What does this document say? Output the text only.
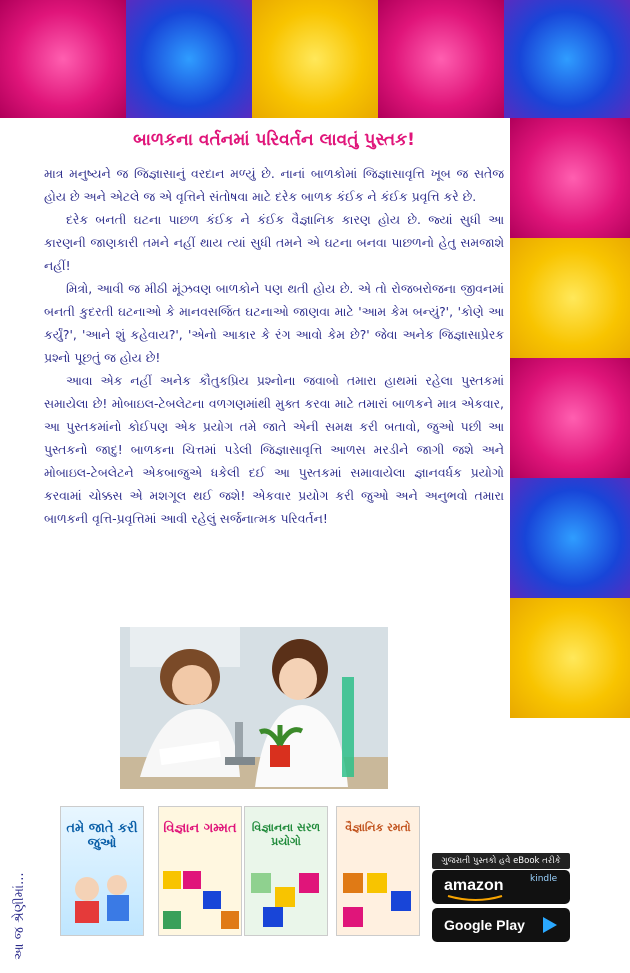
બાળકના વર્તનમાં પરિવર્તન લાવતું પુસ્તક!

માત્ર મનુષ્યને જ જિજ્ઞાસાનું વરદાન મળ્યું છે. નાનાં બાળકોમાં જિજ્ઞાસાવૃત્તિ ખૂબ જ સતેજ હોય છે અને એટલે જ એ વૃત્તિને સંતોષવા માટે દરેક બાળક કંઈક ને કંઈક પ્રવૃત્તિ કરે છે.

દરેક બનતી ઘટના પાછળ કંઈક ને કંઈક વૈજ્ઞાનિક કારણ હોય છે. જ્યાં સુધી આ કારણની જાણકારી તમને નહીં થાય ત્યાં સુધી તમને એ ઘટના બનવા પાછળનો હેતુ સમજાશે નહીં!

મિત્રો, આવી જ મીઠી મૂંઝવણ બાળકોને પણ થતી હોય છે. એ તો રોજબરોજના જીવનમાં બનતી કુદરતી ઘટનાઓ કે માનવસર્જિત ઘટનાઓ જાણવા માટે 'આમ કેમ બન્યું?', 'કોણે આ કર્યું?', 'આને શું કહેવાય?', 'એનો આકાર કે રંગ આવો કેમ છે?' જેવા અનેક જિજ્ઞાસાપ્રેરક પ્રશ્નો પૂછતું જ હોય છે!

આવા એક નહીં અનેક કૌતુકપ્રિય પ્રશ્નોના જવાબો તમારા હાથમાં રહેલા પુસ્તકમાં સમાયેલા છે! મોબાઇલ-ટેબલેટના વળગણમાંથી મુક્ત કરવા માટે તમારાં બાળકને માત્ર એકવાર, આ પુસ્તકમાંનો કોઈપણ એક પ્રયોગ તમે જાતે એની સમક્ષ કરી બતાવો, જુઓ પછી આ પુસ્તકનો જાદુ! બાળકના ચિત્તમાં પડેલી જિજ્ઞાસાવૃત્તિ આળસ મરડીને જાગી જશે અને મોબાઇલ-ટેબલેટને એકબાજુએ ધકેલી દઈ આ પુસ્તકમાં સમાવાયેલા જ્ઞાનવર્ધક પ્રયોગો કરવામાં ચોક્કસ એ મશગૂલ થઈ જશે! એકવાર પ્રયોગ કરી જુઓ અને અનુભવો તમારા બાળકની વૃત્તિ-પ્રવૃત્તિમાં આવી રહેલું સર્જનાત્મક પરિવર્તન!

આ જ શ્રેણીમાં...
તમે જાતે કરી જુઓ
વિજ્ઞાન ગમ્મત વિજ્ઞાનના સરળ પ્રયોગો
વૈજ્ઞાનિક રમતો
ગુજરાતી પુસ્તકો હવે eBook તરીકે
amazon	kindle
Google Play
